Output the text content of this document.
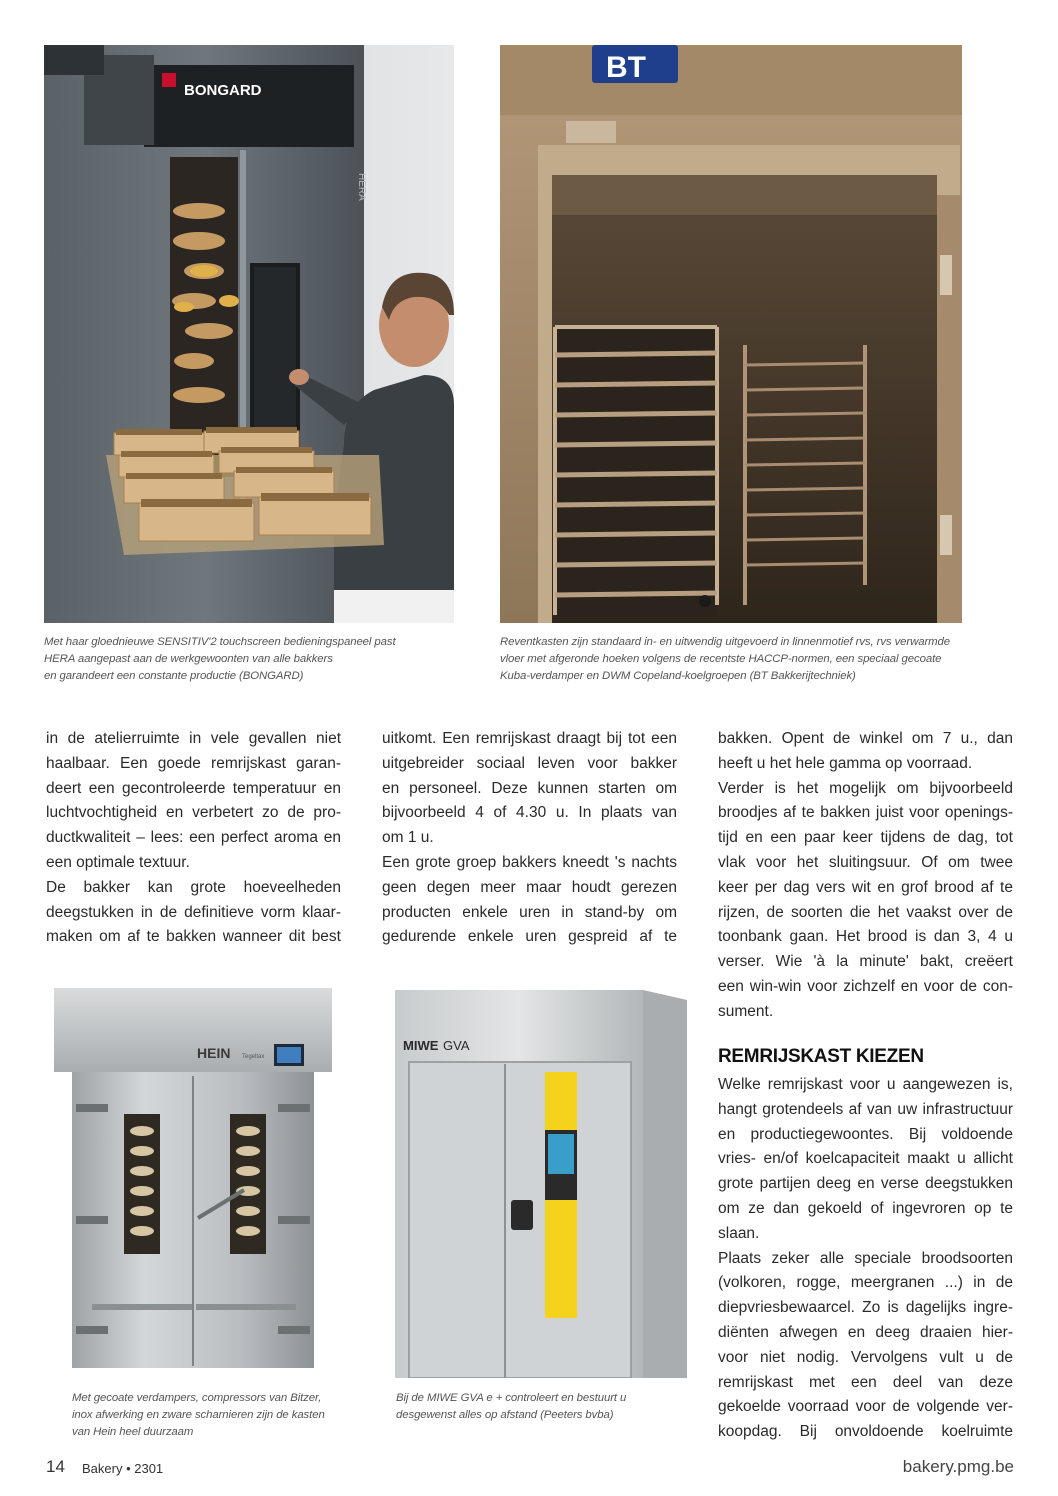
HERA
BONGARD
Met haar gloednieuwe SENSITIV'2 touchscreen bedieningspaneel past
HERA aangepast aan de werkgewoonten van alle bakkers
en garandeert een constante productie (BONGARD)
BT
Reventkasten zijn standaard in- en uitwendig uitgevoerd in linnenmotief rvs, rvs verwarmde
vloer met afgeronde hoeken volgens de recentste HACCP-normen, een speciaal gecoate
Kuba-verdamper en DWM Copeland-koelgroepen (BT Bakkerijtechniek)
in de atelierruimte in vele gevallen niet
haalbaar. Een goede remrijskast garan-
deert een gecontroleerde temperatuur en
luchtvochtigheid en verbetert zo de pro-
ductkwaliteit – lees: een perfect aroma en
een optimale textuur.
De bakker kan grote hoeveelheden
deegstukken in de definitieve vorm klaar-
maken om af te bakken wanneer dit best
uitkomt. Een remrijskast draagt bij tot een
uitgebreider sociaal leven voor bakker
en personeel. Deze kunnen starten om
bijvoorbeeld 4 of 4.30 u. In plaats van
om 1 u.
Een grote groep bakkers kneedt 's nachts
geen degen meer maar houdt gerezen
producten enkele uren in stand-by om
gedurende enkele uren gespreid af te
bakken. Opent de winkel om 7 u., dan
heeft u het hele gamma op voorraad.
Verder is het mogelijk om bijvoorbeeld
broodjes af te bakken juist voor openings-
tijd en een paar keer tijdens de dag, tot
vlak voor het sluitingsuur. Of om twee
keer per dag vers wit en grof brood af te
rijzen, de soorten die het vaakst over de
toonbank gaan. Het brood is dan 3, 4 u
verser. Wie 'à la minute' bakt, creëert
een win-win voor zichzelf en voor de con-
sument.
REMRIJSKAST KIEZEN
Welke remrijskast voor u aangewezen is,
hangt grotendeels af van uw infrastructuur
en productiegewoontes. Bij voldoende
vries- en/of koelcapaciteit maakt u allicht
grote partijen deeg en verse deegstukken
om ze dan gekoeld of ingevroren op te
slaan.
Plaats zeker alle speciale broodsoorten
(volkoren, rogge, meergranen ...) in de
diepvriesbewaarcel. Zo is dagelijks ingre-
diënten afwegen en deeg draaien hier-
voor niet nodig. Vervolgens vult u de
remrijskast met een deel van deze
gekoelde voorraad voor de volgende ver-
koopdag. Bij onvoldoende koelruimte
HEIN Tegeltax
Met gecoate verdampers, compressors van Bitzer,
inox afwerking en zware scharnieren zijn de kasten
van Hein heel duurzaam
MIWE GVA
Bij de MIWE GVA e + controleert en bestuurt u
desgewenst alles op afstand (Peeters bvba)
14 Bakery • 2301	bakery.pmg.be
